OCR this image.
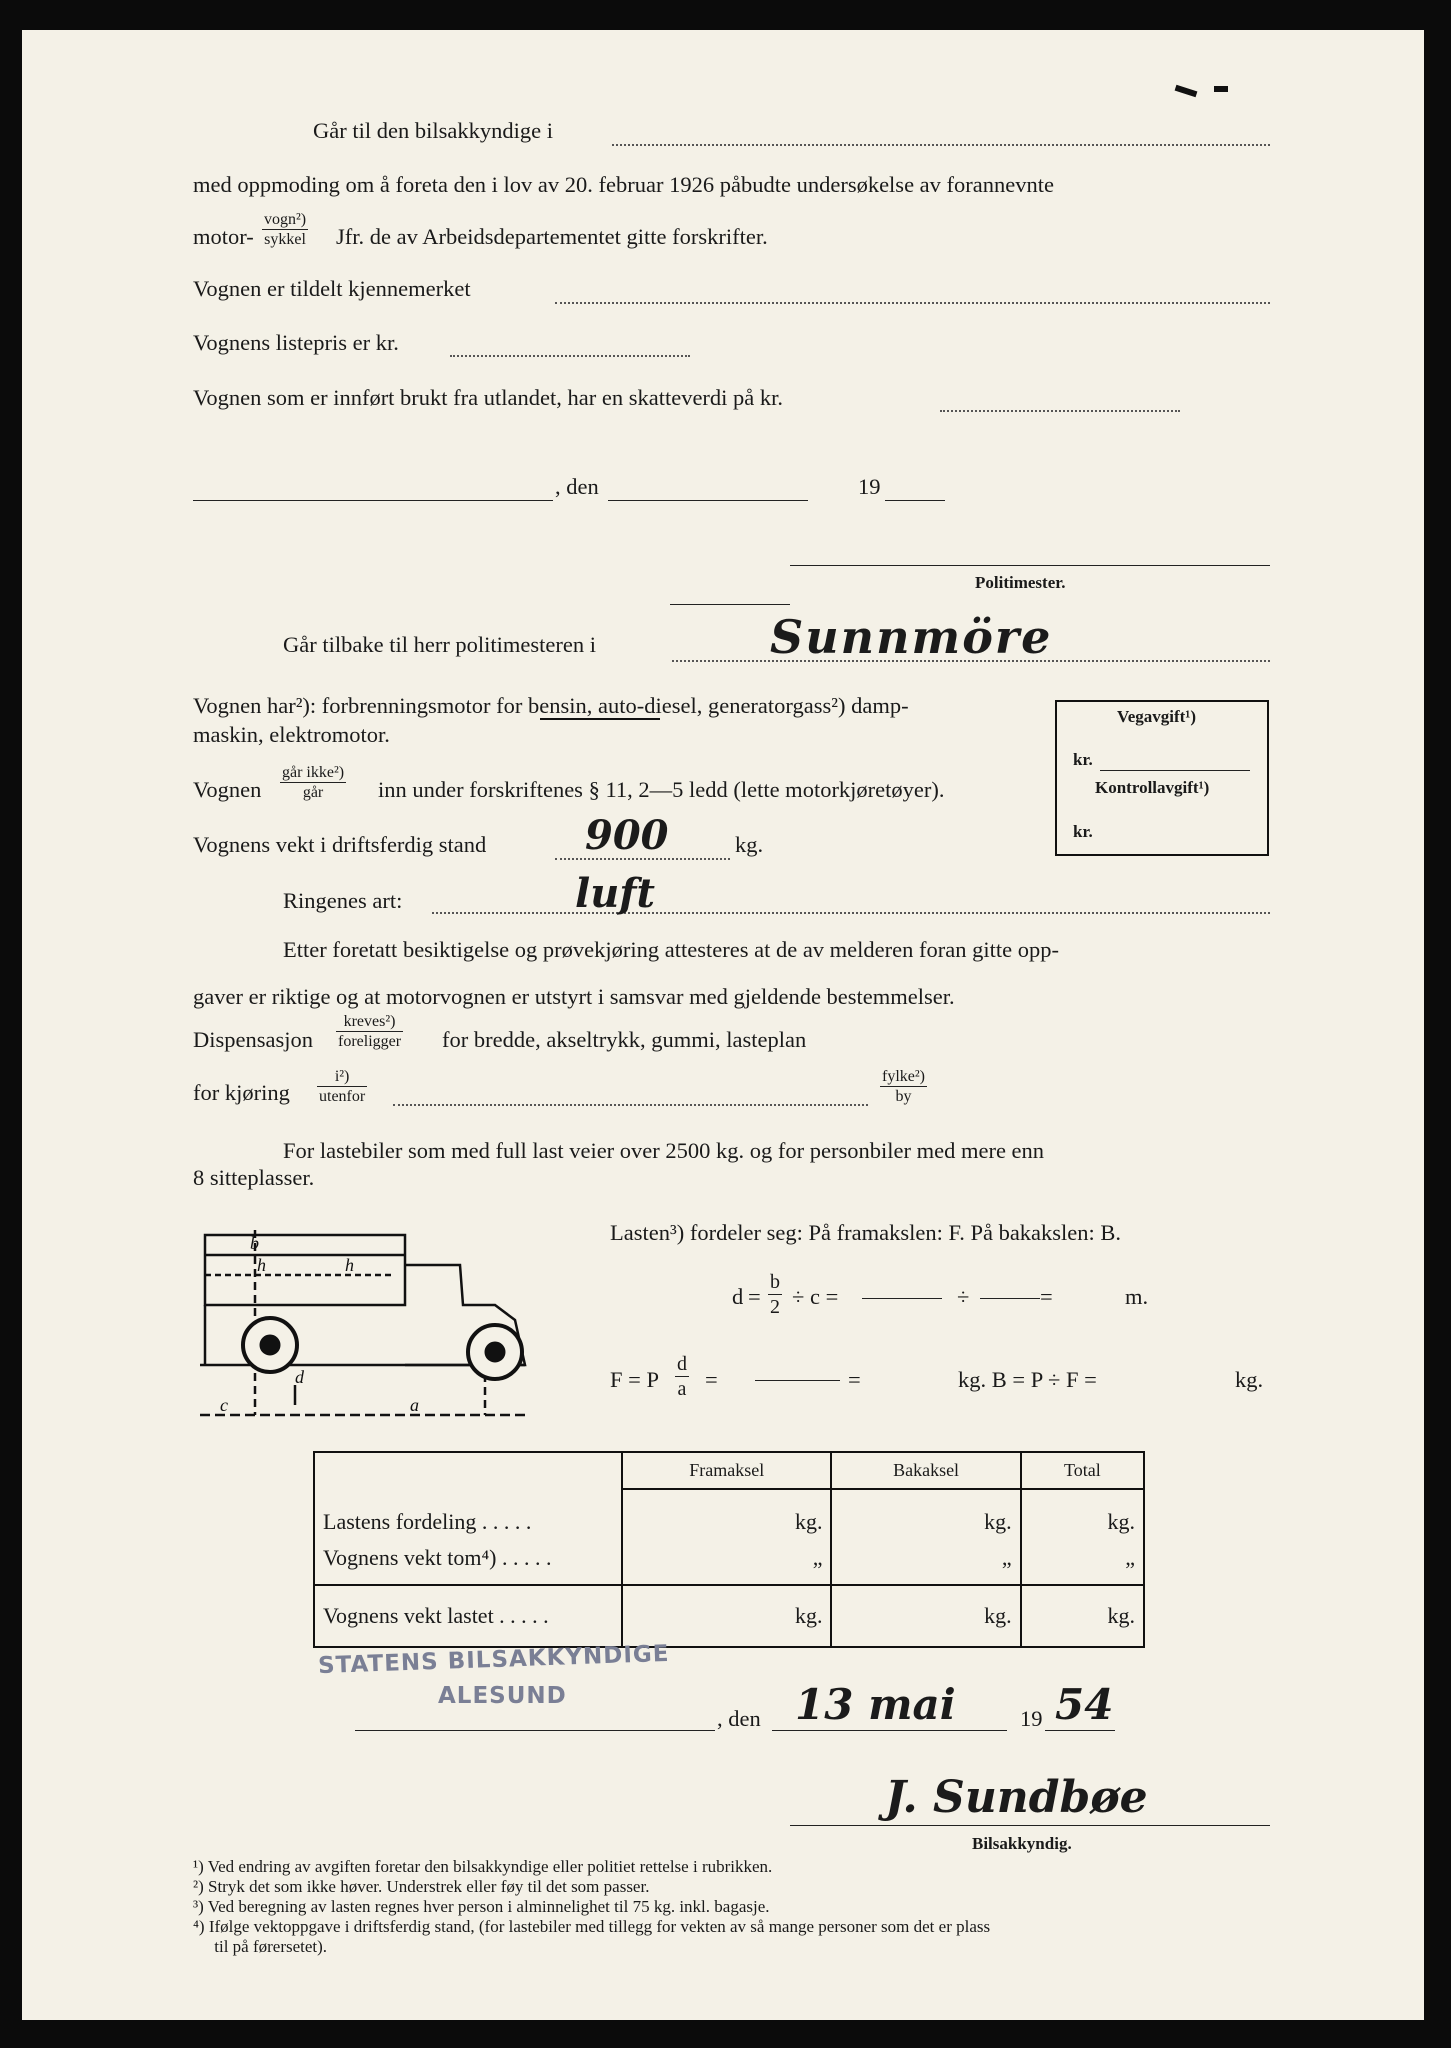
Går til den bilsakkyndige i
med oppmoding om å foreta den i lov av 20. februar 1926 påbudte undersøkelse av forannevnte
motor-
vogn²)
sykkel Jfr. de av Arbeidsdepartementet gitte forskrifter.
Vognen er tildelt kjennemerket
Vognens listepris er kr.
Vognen som er innført brukt fra utlandet, har en skatteverdi på kr.
, den	19
Politimester.
Går tilbake til herr politimesteren i	Sunnmöre
Vognen har²): forbrenningsmotor for bensin, auto-diesel, generatorgass²) damp-
maskin, elektromotor.
Vognen
går ikke²)
går	inn under forskriftenes § 11, 2—5 ledd (lette motorkjøretøyer).
Vegavgift¹)
kr.
Kontrollavgift¹)
kr.
Vognens vekt i driftsferdig stand 900	kg.
Ringenes art:	luft
Etter foretatt besiktigelse og prøvekjøring attesteres at de av melderen foran gitte opp-
gaver er riktige og at motorvognen er utstyrt i samsvar med gjeldende bestemmelser.
Dispensasjon
kreves²)
foreligger for bredde, akseltrykk, gummi, lasteplan
for kjøring
i²)
utenfor
fylke²)
by
For lastebiler som med full last veier over 2500 kg. og for personbiler med mere enn
8 sitteplasser.
b
h	h
c	a
d
Lasten³) fordeler seg: På framakslen: F. På bakakslen: B.
$d = \frac{b}{2} \div c$ =	÷	=	m.
F = P $\frac{d}{a}$ =	=	kg. B = P ÷ F =	kg.
	Framaksel	Bakaksel	Total
Lastens fordeling . . . . .	kg.	kg.	kg.
Vognens vekt tom⁴) . . . . .	„	„	„
Vognens vekt lastet . . . . .	kg.	kg.	kg.
STATENS BILSAKKYNDIGE
ALESUND
, den 13 mai	19 54
J. Sundbøe
Bilsakkyndig.
¹) Ved endring av avgiften foretar den bilsakkyndige eller politiet rettelse i rubrikken.
²) Stryk det som ikke høver. Understrek eller føy til det som passer.
³) Ved beregning av lasten regnes hver person i alminnelighet til 75 kg. inkl. bagasje.
⁴) Ifølge vektoppgave i driftsferdig stand, (for lastebiler med tillegg for vekten av så mange personer som det er plass
til på førersetet).
